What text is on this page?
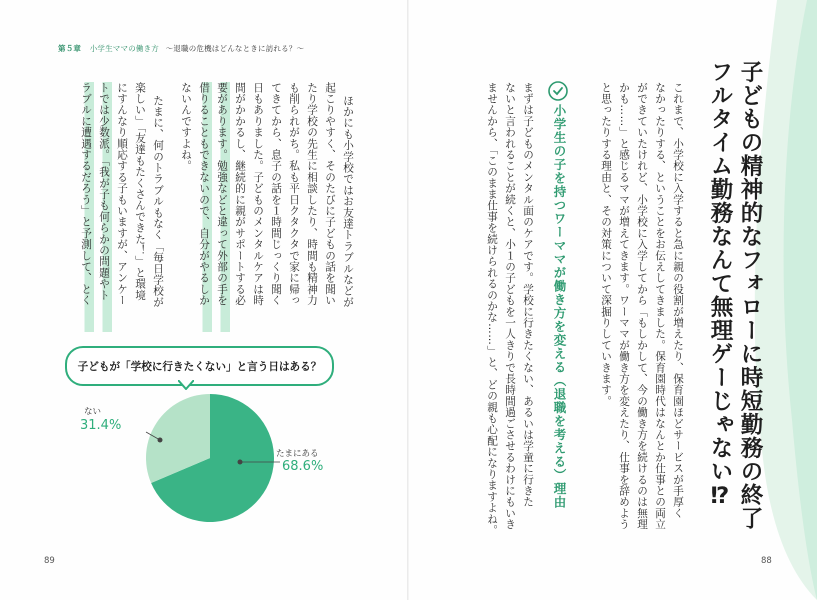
第５章 小学生ママの働き方 〜退職の危機はどんなときに訪れる？〜
子どもの精神的なフォローに時短勤務の終了
フルタイム勤務なんて無理ゲーじゃない⁉
これまで、小学校に入学すると急に親の役割が増えたり、保育園ほどサービスが手厚く
なかったりする、ということをお伝えしてきました。保育園時代はなんとか仕事との両立
ができていたけれど、小学校に入学してから「もしかして、今の働き方を続けるのは無理
かも……」と感じるママが増えてきます。ワーママが働き方を変えたり、仕事を辞めよう
と思ったりする理由と、その対策について深掘りしていきます。
小学生の子を持つワーママが働き方を変える（退職を考える）理由
まずは子どものメンタル面のケアです。学校に行きたくない、あるいは学童に行きた
ないと言われることが続くと、小１の子どもを一人きりで長時間過ごさせるわけにもいき
ませんから、「このまま仕事を続けられるのかな……」と、どの親も心配になりますよね。
ほかにも小学校ではお友達トラブルなどが
起こりやすく、そのたびに子どもの話を聞い
たり学校の先生に相談したり、時間も精神力
も削られがち。私も平日クタクタで家に帰っ
てきてから、息子の話を１時間じっくり聞く
日もありました。子どものメンタルケアは時
間がかかるし、継続的に親がサポートする必
要があります。勉強などと違って外部の手を
借りることもできないので、自分がやるしか
ないんですよね。
たまに、何のトラブルもなく「毎日学校が
楽しい」「友達もたくさんできた！」と環境
にすんなり順応する子もいますが、アンケー
トでは少数派。「我が子も何らかの問題やト
ラブルに遭遇するだろう」と予測して、とく
子どもが「学校に行きたくない」と言う日はある？
ない
31.4%
たまにある
68.6%
89	88
